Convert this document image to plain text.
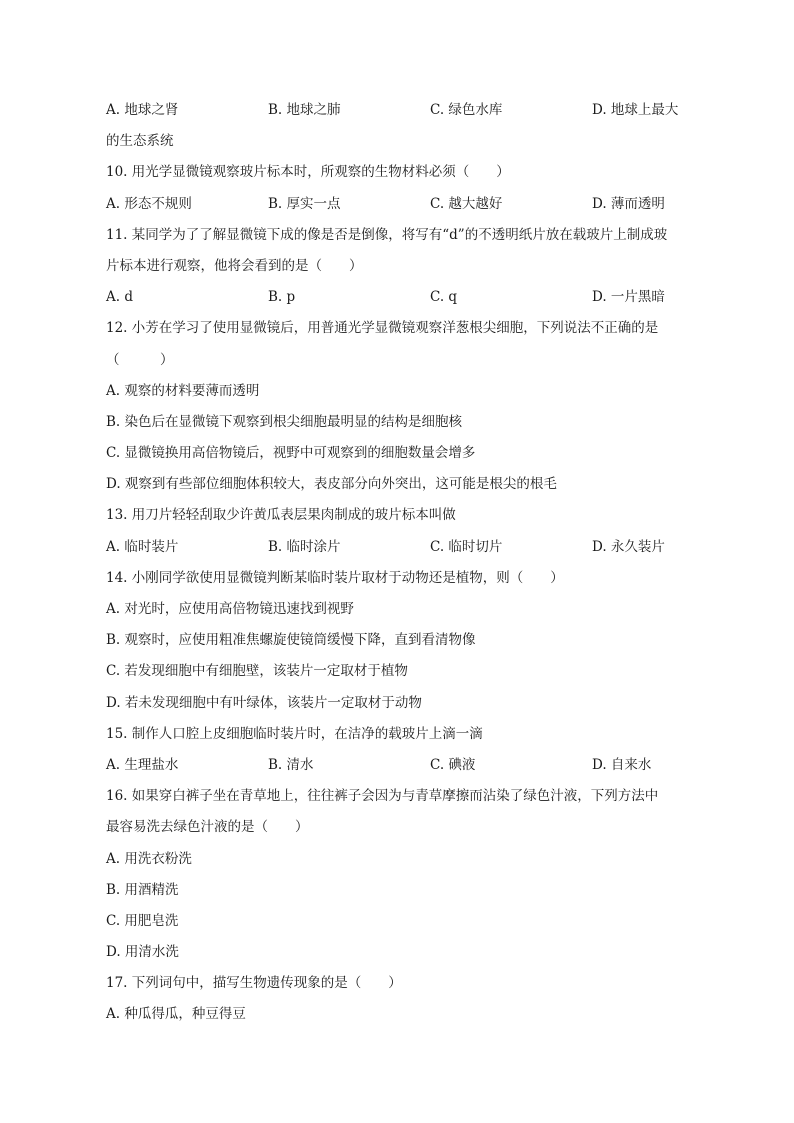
A. 地球之肾	B. 地球之肺	C. 绿色水库	D. 地球上最大
的生态系统
10. 用光学显微镜观察玻片标本时，所观察的生物材料必须（　　）
A. 形态不规则	B. 厚实一点	C. 越大越好	D. 薄而透明
11. 某同学为了了解显微镜下成的像是否是倒像，将写有“d”的不透明纸片放在载玻片上制成玻
片标本进行观察，他将会看到的是（　　）
A. d	B. p	C. q	D. 一片黑暗
12. 小芳在学习了使用显微镜后，用普通光学显微镜观察洋葱根尖细胞，下列说法不正确的是
（　　　）
A. 观察的材料要薄而透明
B. 染色后在显微镜下观察到根尖细胞最明显的结构是细胞核
C. 显微镜换用高倍物镜后，视野中可观察到的细胞数量会增多
D. 观察到有些部位细胞体积较大，表皮部分向外突出，这可能是根尖的根毛
13. 用刀片轻轻刮取少许黄瓜表层果肉制成的玻片标本叫做
A. 临时装片	B. 临时涂片	C. 临时切片	D. 永久装片
14. 小刚同学欲使用显微镜判断某临时装片取材于动物还是植物，则（　　）
A. 对光时，应使用高倍物镜迅速找到视野
B. 观察时，应使用粗准焦螺旋使镜筒缓慢下降，直到看清物像
C. 若发现细胞中有细胞壁，该装片一定取材于植物
D. 若未发现细胞中有叶绿体，该装片一定取材于动物
15. 制作人口腔上皮细胞临时装片时，在洁净的载玻片上滴一滴
A. 生理盐水	B. 清水	C. 碘液	D. 自来水
16. 如果穿白裤子坐在青草地上，往往裤子会因为与青草摩擦而沾染了绿色汁液，下列方法中
最容易洗去绿色汁液的是（　　）
A. 用洗衣粉洗
B. 用酒精洗
C. 用肥皂洗
D. 用清水洗
17. 下列词句中，描写生物遗传现象的是（　　）
A. 种瓜得瓜，种豆得豆
